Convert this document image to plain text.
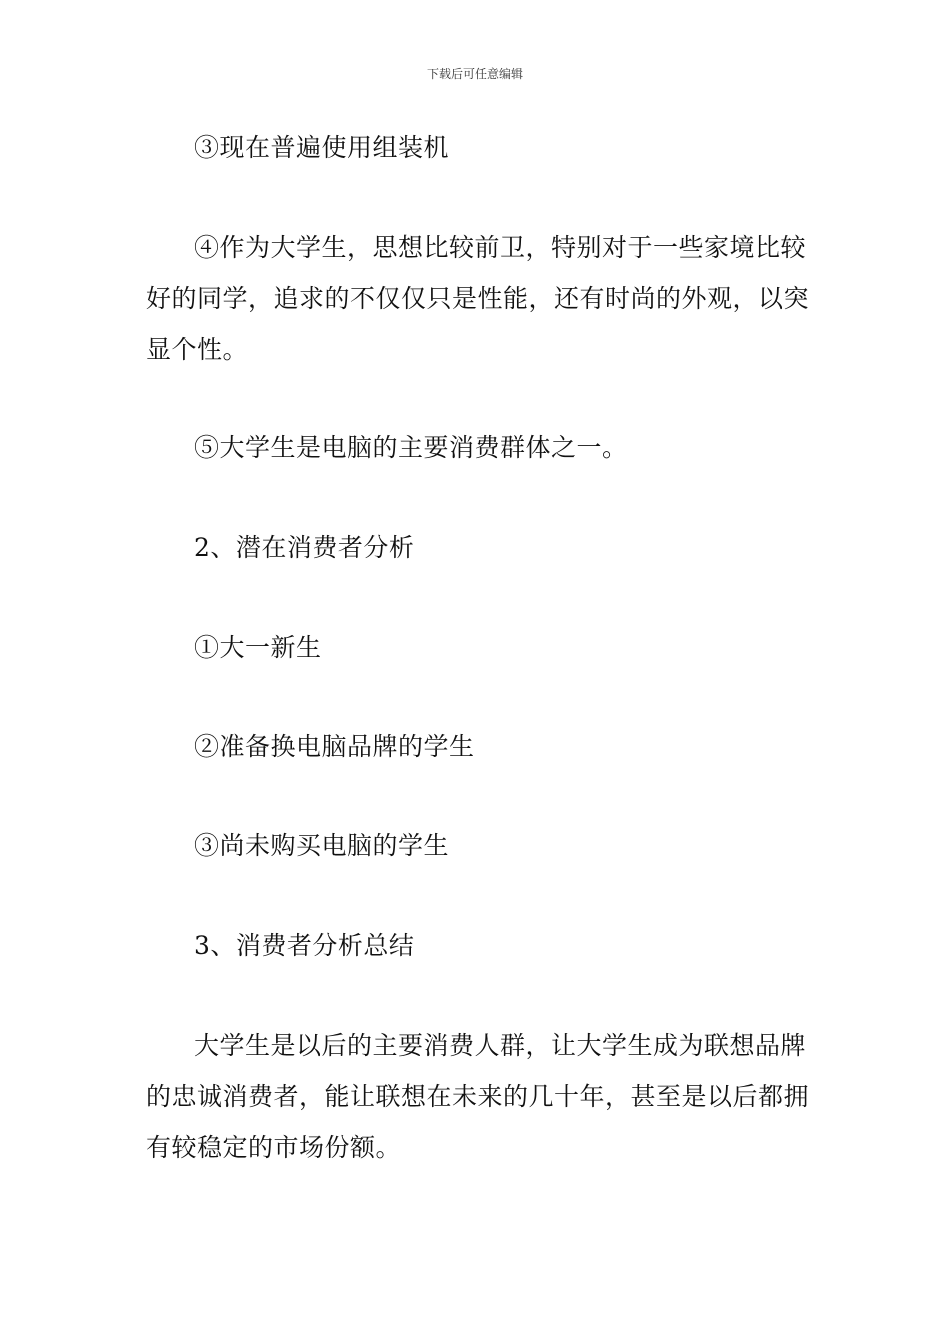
下载后可任意编辑

③现在普遍使用组装机

④作为大学生，思想比较前卫，特别对于一些家境比较好的同学，追求的不仅仅只是性能，还有时尚的外观，以突显个性。

⑤大学生是电脑的主要消费群体之一。

2、潜在消费者分析

①大一新生

②准备换电脑品牌的学生

③尚未购买电脑的学生

3、消费者分析总结

大学生是以后的主要消费人群，让大学生成为联想品牌的忠诚消费者，能让联想在未来的几十年，甚至是以后都拥有较稳定的市场份额。
